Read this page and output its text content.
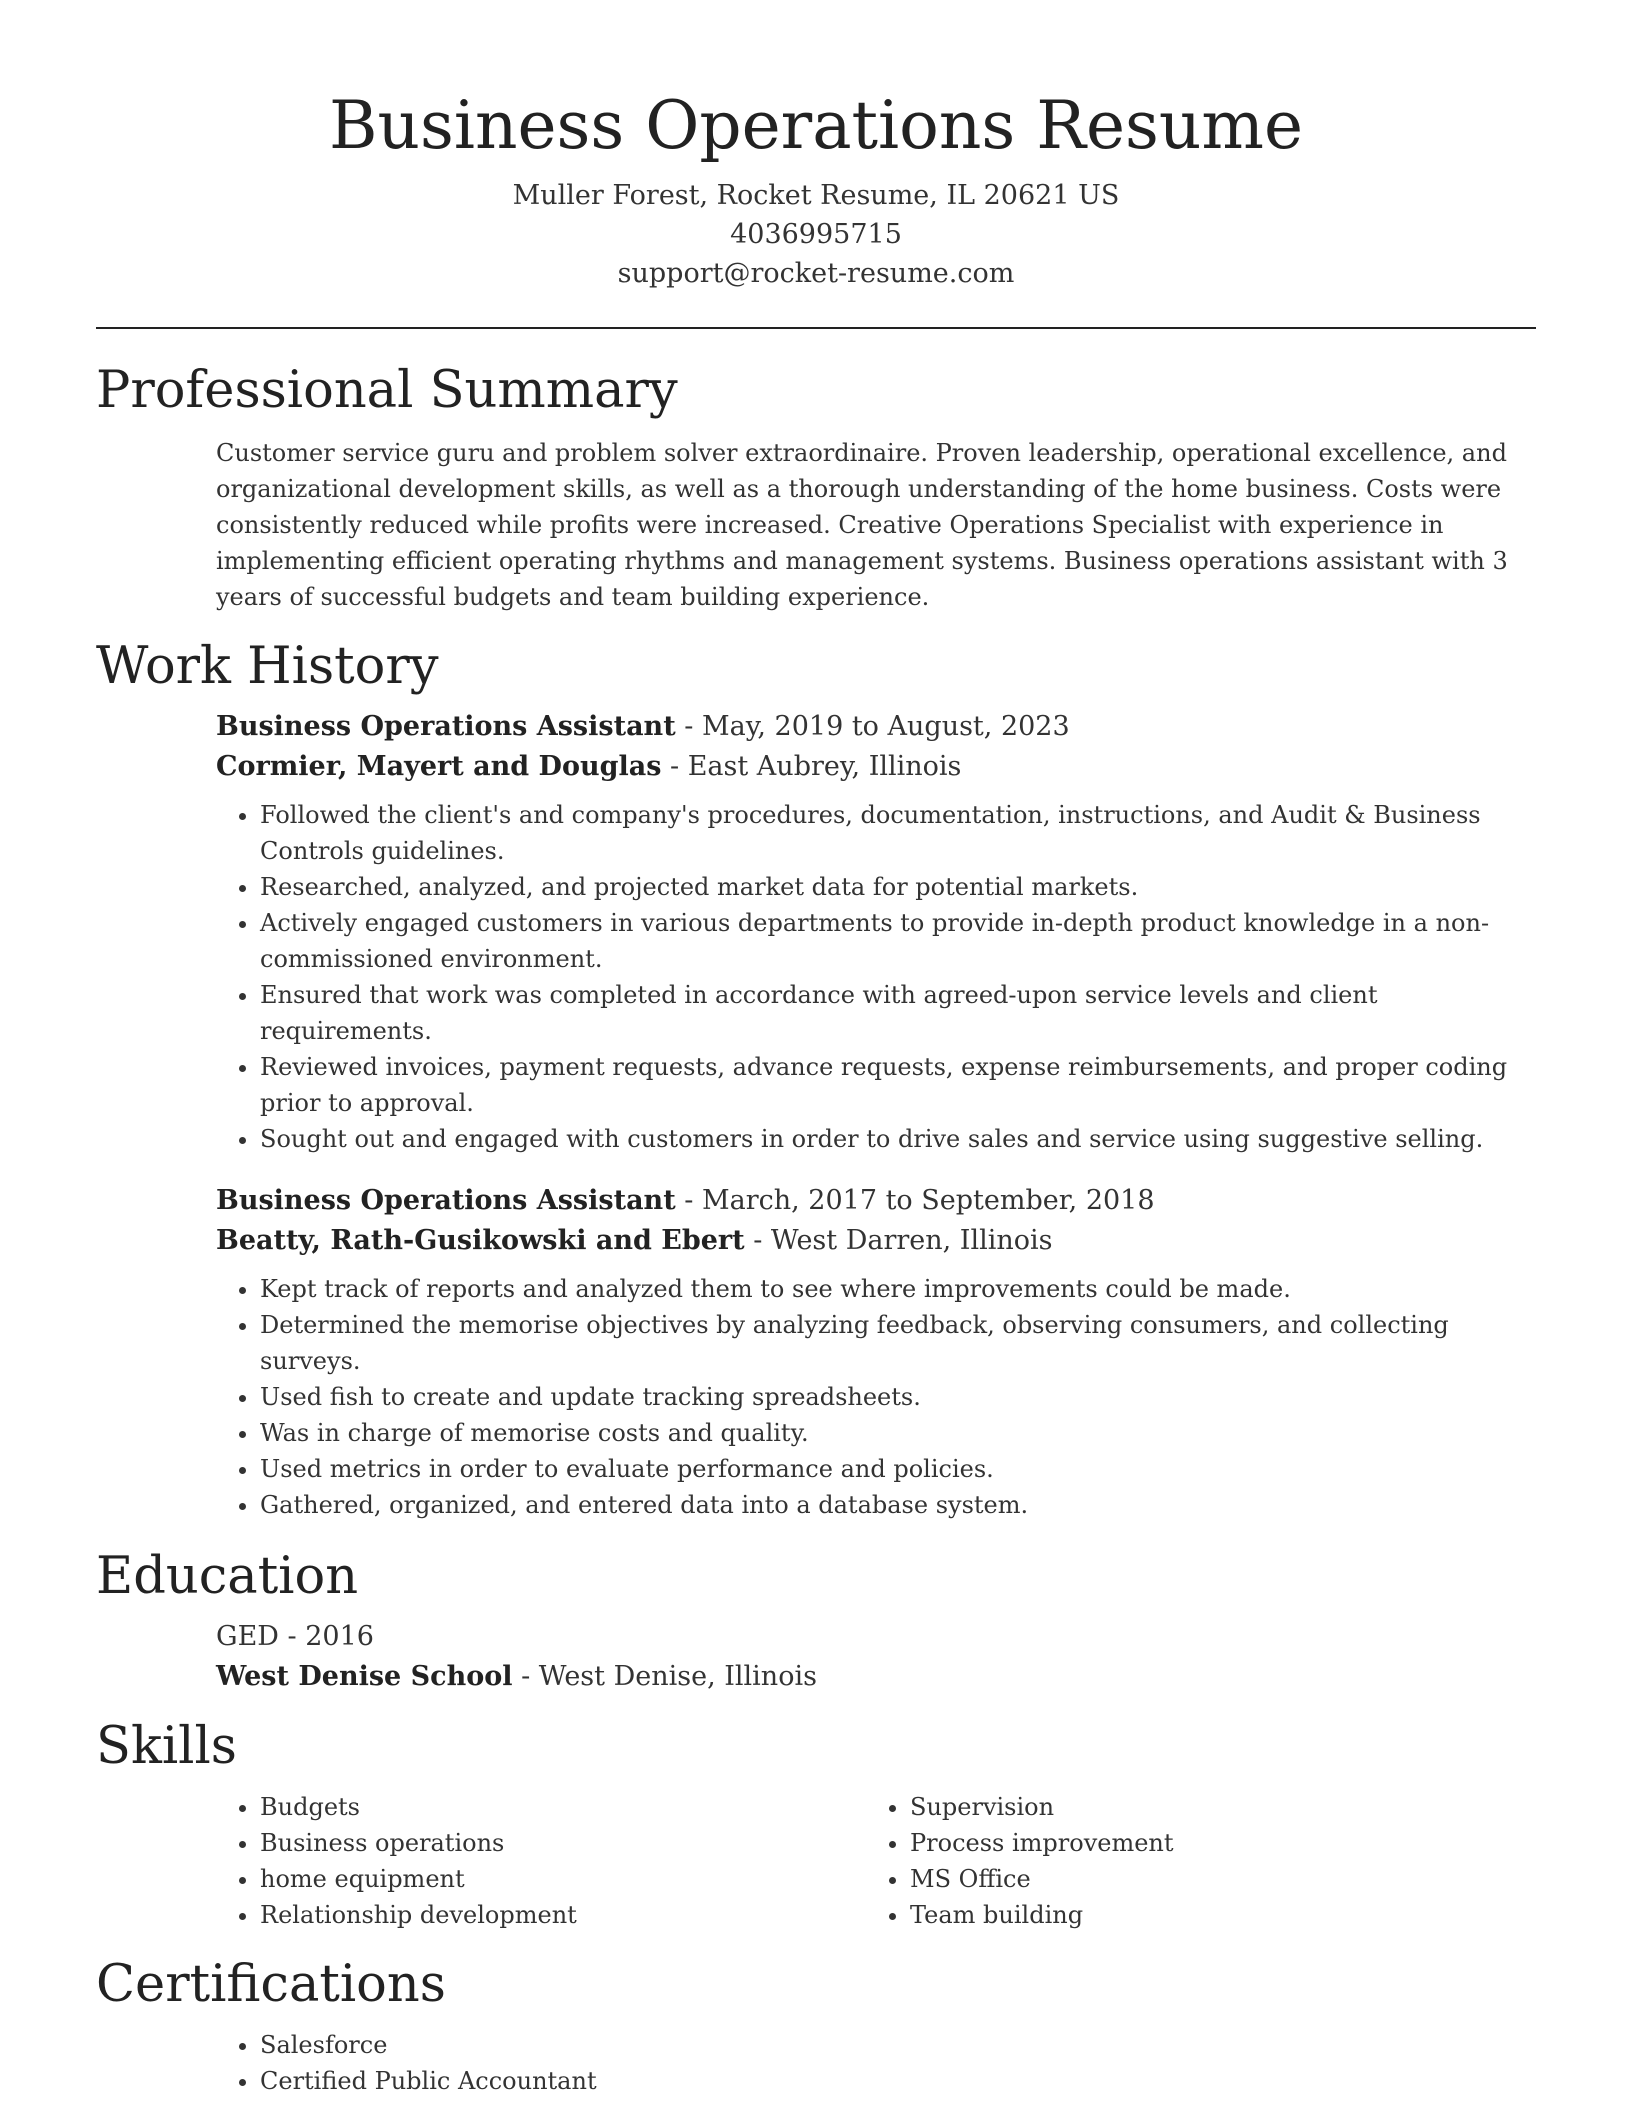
Business Operations Resume

Muller Forest, Rocket Resume, IL 20621 US

4036995715

support@rocket-resume.com

Professional Summary

Customer service guru and problem solver extraordinaire. Proven leadership, operational excellence, and organizational development skills, as well as a thorough understanding of the home business. Costs were consistently reduced while profits were increased. Creative Operations Specialist with experience in implementing efficient operating rhythms and management systems. Business operations assistant with 3 years of successful budgets and team building experience.

Work History

Business Operations Assistant - May, 2019 to August, 2023

Cormier, Mayert and Douglas - East Aubrey, Illinois

• Followed the client's and company's procedures, documentation, instructions, and Audit & Business Controls guidelines.
• Researched, analyzed, and projected market data for potential markets.
• Actively engaged customers in various departments to provide in-depth product knowledge in a non-commissioned environment.
• Ensured that work was completed in accordance with agreed-upon service levels and client requirements.
• Reviewed invoices, payment requests, advance requests, expense reimbursements, and proper coding prior to approval.
• Sought out and engaged with customers in order to drive sales and service using suggestive selling.

Business Operations Assistant - March, 2017 to September, 2018

Beatty, Rath-Gusikowski and Ebert - West Darren, Illinois

• Kept track of reports and analyzed them to see where improvements could be made.
• Determined the memorise objectives by analyzing feedback, observing consumers, and collecting surveys.
• Used fish to create and update tracking spreadsheets.
• Was in charge of memorise costs and quality.
• Used metrics in order to evaluate performance and policies.
• Gathered, organized, and entered data into a database system.
Education

GED - 2016

West Denise School - West Denise, Illinois

Skills
• Budgets
• Business operations
• home equipment
• Relationship development
• Supervision
• Process improvement
• MS Office
• Team building
Certifications
• Salesforce
• Certified Public Accountant
